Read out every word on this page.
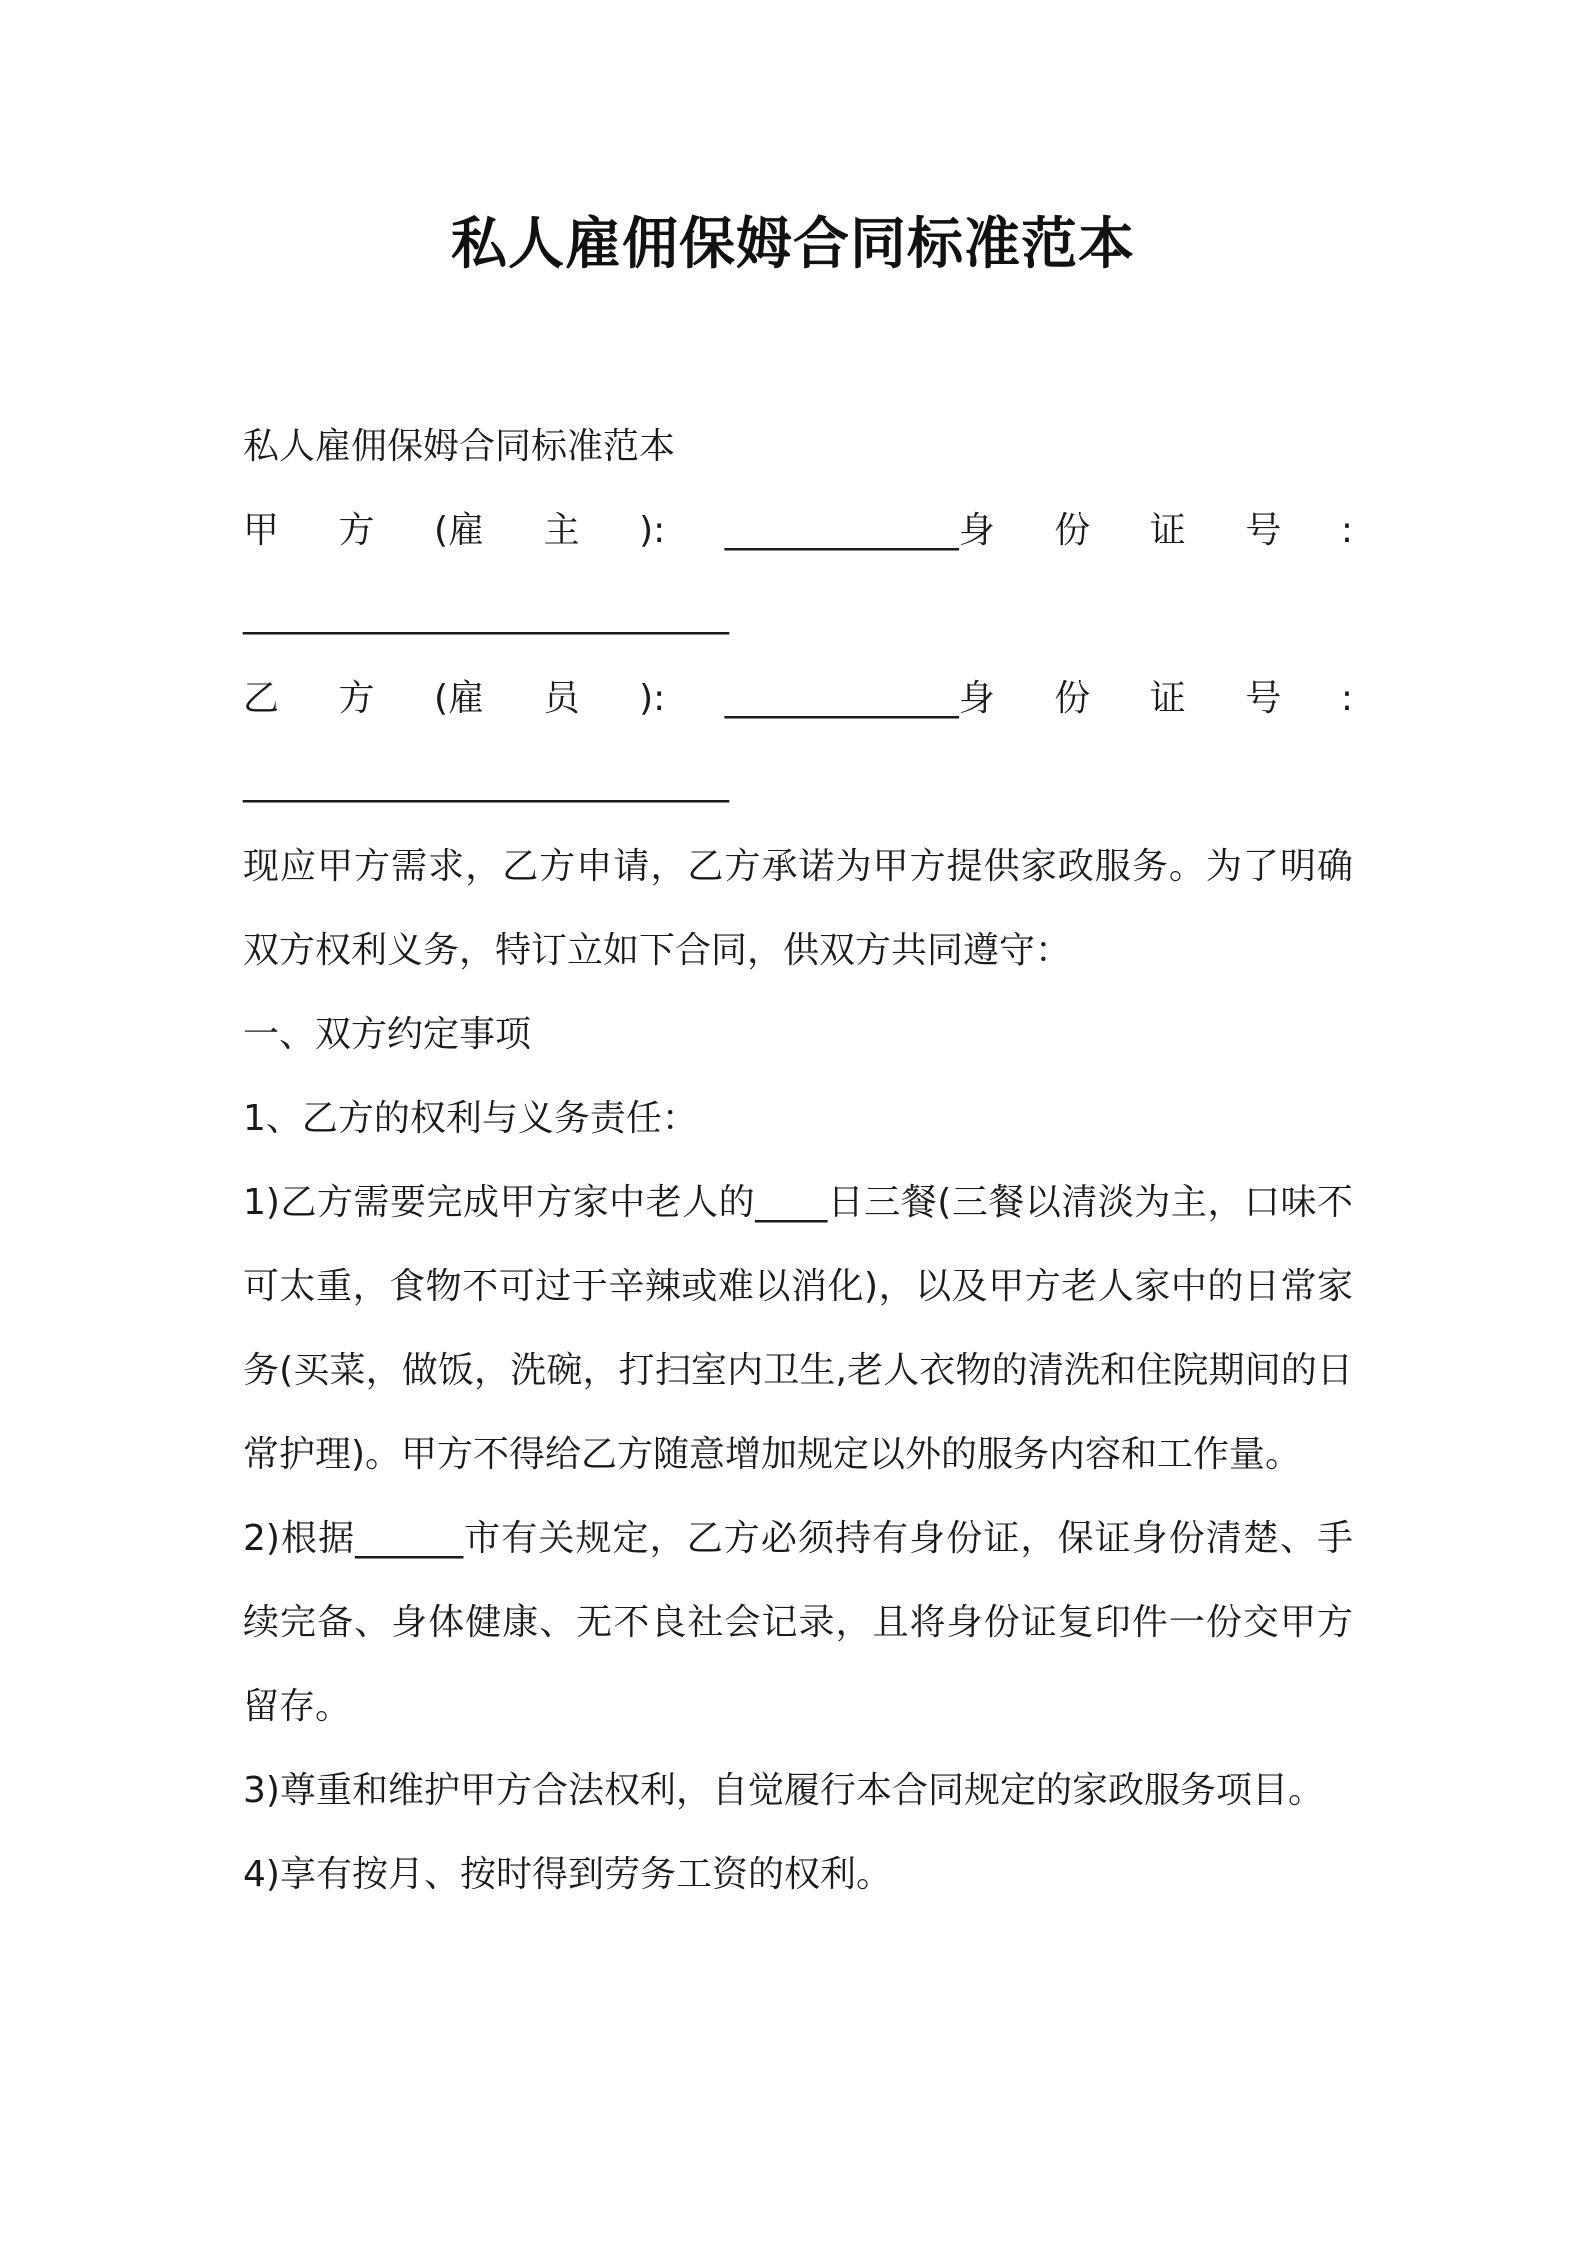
私人雇佣保姆合同标准范本

私人雇佣保姆合同标准范本

甲 方 (雇 主 ): _____________身 份 证 号 :

___________________________

乙 方 (雇 员 ): _____________身 份 证 号 :

___________________________

现应甲方需求，乙方申请，乙方承诺为甲方提供家政服务。为了明确双方权利义务，特订立如下合同，供双方共同遵守：

一、双方约定事项

1、乙方的权利与义务责任：

1)乙方需要完成甲方家中老人的____日三餐(三餐以清淡为主，口味不可太重，食物不可过于辛辣或难以消化)，以及甲方老人家中的日常家务(买菜，做饭，洗碗，打扫室内卫生,老人衣物的清洗和住院期间的日常护理)。甲方不得给乙方随意增加规定以外的服务内容和工作量。

2)根据______市有关规定，乙方必须持有身份证，保证身份清楚、手续完备、身体健康、无不良社会记录，且将身份证复印件一份交甲方留存。

3)尊重和维护甲方合法权利，自觉履行本合同规定的家政服务项目。

4)享有按月、按时得到劳务工资的权利。
